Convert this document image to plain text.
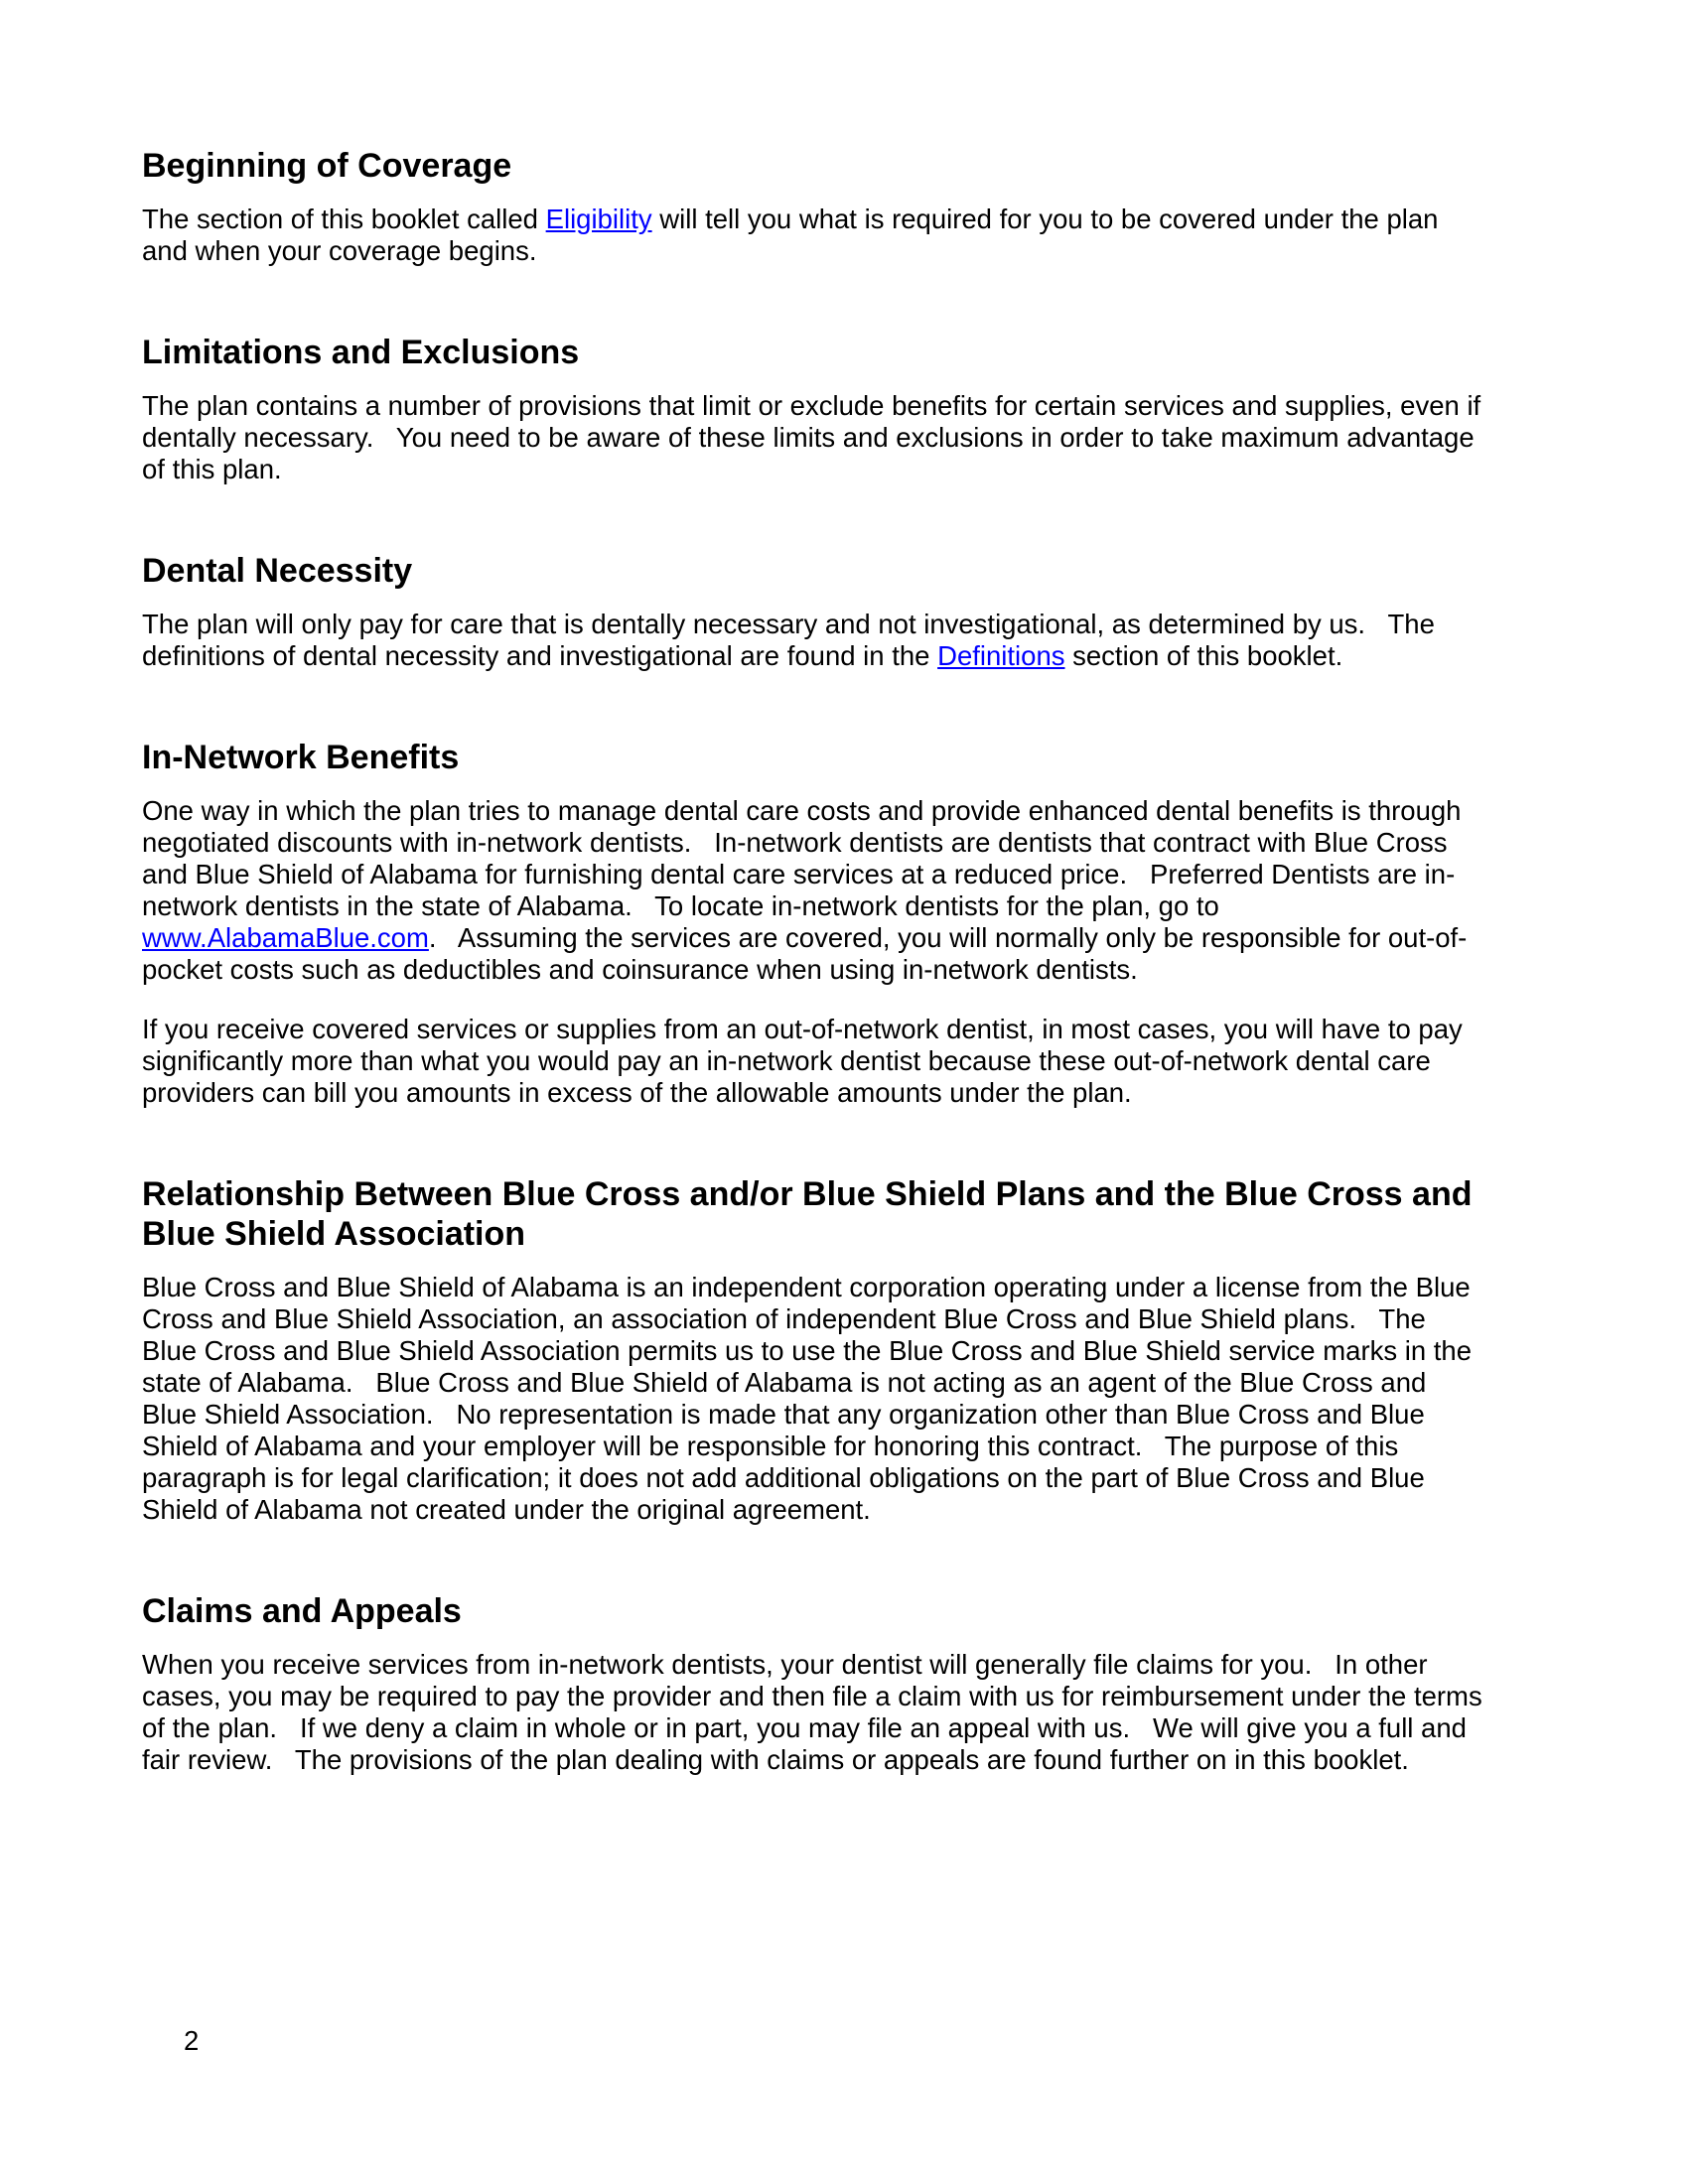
Beginning of Coverage

The section of this booklet called Eligibility will tell you what is required for you to be covered under the plan and when your coverage begins.

Limitations and Exclusions

The plan contains a number of provisions that limit or exclude benefits for certain services and supplies, even if dentally necessary.   You need to be aware of these limits and exclusions in order to take maximum advantage of this plan.

Dental Necessity

The plan will only pay for care that is dentally necessary and not investigational, as determined by us.   The definitions of dental necessity and investigational are found in the Definitions section of this booklet.

In-Network Benefits

One way in which the plan tries to manage dental care costs and provide enhanced dental benefits is through negotiated discounts with in-network dentists.   In-network dentists are dentists that contract with Blue Cross and Blue Shield of Alabama for furnishing dental care services at a reduced price.   Preferred Dentists are in-network dentists in the state of Alabama.   To locate in-network dentists for the plan, go to www.AlabamaBlue.com.   Assuming the services are covered, you will normally only be responsible for out-of-pocket costs such as deductibles and coinsurance when using in-network dentists.

If you receive covered services or supplies from an out-of-network dentist, in most cases, you will have to pay significantly more than what you would pay an in-network dentist because these out-of-network dental care providers can bill you amounts in excess of the allowable amounts under the plan.

Relationship Between Blue Cross and/or Blue Shield Plans and the Blue Cross and Blue Shield Association

Blue Cross and Blue Shield of Alabama is an independent corporation operating under a license from the Blue Cross and Blue Shield Association, an association of independent Blue Cross and Blue Shield plans.   The Blue Cross and Blue Shield Association permits us to use the Blue Cross and Blue Shield service marks in the state of Alabama.   Blue Cross and Blue Shield of Alabama is not acting as an agent of the Blue Cross and Blue Shield Association.   No representation is made that any organization other than Blue Cross and Blue Shield of Alabama and your employer will be responsible for honoring this contract.   The purpose of this paragraph is for legal clarification; it does not add additional obligations on the part of Blue Cross and Blue Shield of Alabama not created under the original agreement.

Claims and Appeals

When you receive services from in-network dentists, your dentist will generally file claims for you.   In other cases, you may be required to pay the provider and then file a claim with us for reimbursement under the terms of the plan.   If we deny a claim in whole or in part, you may file an appeal with us.   We will give you a full and fair review.   The provisions of the plan dealing with claims or appeals are found further on in this booklet.

2
